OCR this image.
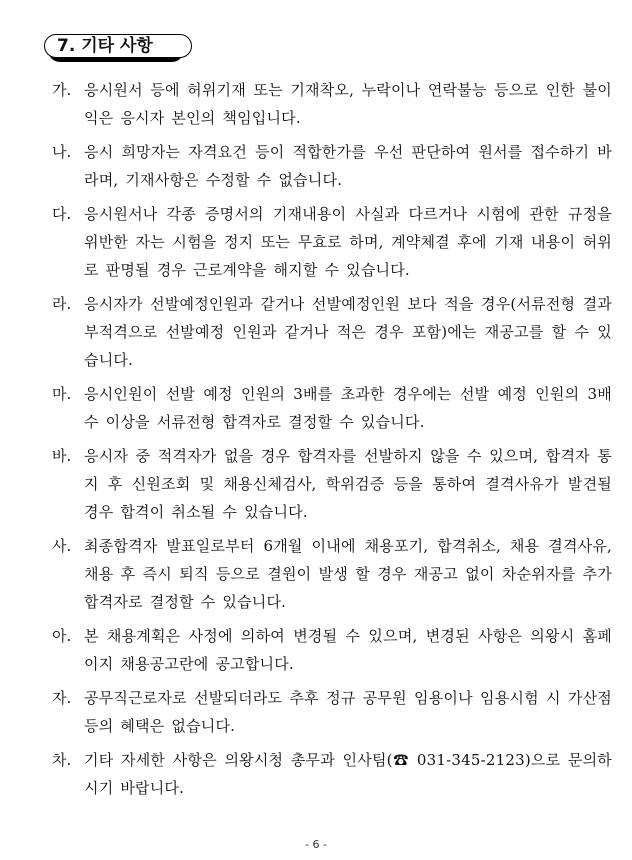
7. 기타 사항
가. 응시원서 등에 허위기재 또는 기재착오, 누락이나 연락불능 등으로 인한 불이익은 응시자 본인의 책임입니다.
나. 응시 희망자는 자격요건 등이 적합한가를 우선 판단하여 원서를 접수하기 바라며, 기재사항은 수정할 수 없습니다.
다. 응시원서나 각종 증명서의 기재내용이 사실과 다르거나 시험에 관한 규정을 위반한 자는 시험을 정지 또는 무효로 하며, 계약체결 후에 기재 내용이 허위로 판명될 경우 근로계약을 해지할 수 있습니다.
라. 응시자가 선발예정인원과 같거나 선발예정인원 보다 적을 경우(서류전형 결과 부적격으로 선발예정 인원과 같거나 적은 경우 포함)에는 재공고를 할 수 있습니다.
마. 응시인원이 선발 예정 인원의 3배를 초과한 경우에는 선발 예정 인원의 3배수 이상을 서류전형 합격자로 결정할 수 있습니다.
바. 응시자 중 적격자가 없을 경우 합격자를 선발하지 않을 수 있으며, 합격자 통지 후 신원조회 및 채용신체검사, 학위검증 등을 통하여 결격사유가 발견될 경우 합격이 취소될 수 있습니다.
사. 최종합격자 발표일로부터 6개월 이내에 채용포기, 합격취소, 채용 결격사유, 채용 후 즉시 퇴직 등으로 결원이 발생 할 경우 재공고 없이 차순위자를 추가합격자로 결정할 수 있습니다.
아. 본 채용계획은 사정에 의하여 변경될 수 있으며, 변경된 사항은 의왕시 홈페이지 채용공고란에 공고합니다.
자. 공무직근로자로 선발되더라도 추후 정규 공무원 임용이나 임용시험 시 가산점 등의 혜택은 없습니다.
차. 기타 자세한 사항은 의왕시청 총무과 인사팀(☎ 031-345-2123)으로 문의하시기 바랍니다.
- 6 -
